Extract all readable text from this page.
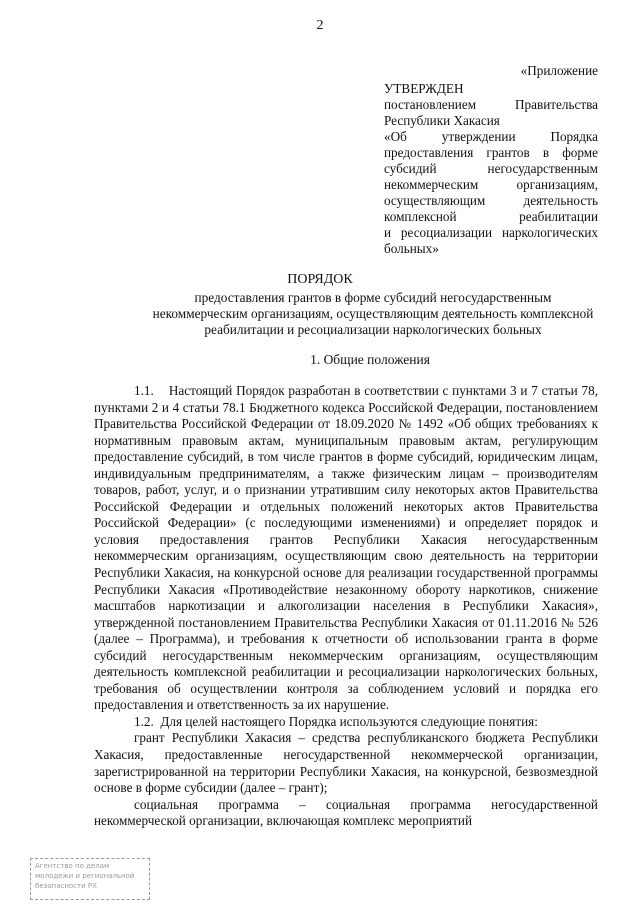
2
«Приложение
УТВЕРЖДЕН
постановлением Правительства
Республики Хакасия
«Об утверждении Порядка
предоставления грантов в форме
субсидий негосударственным
некоммерческим организациям,
осуществляющим деятельность
комплексной реабилитации
и ресоциализации наркологических
больных»
ПОРЯДОК
предоставления грантов в форме субсидий негосударственным некоммерческим организациям, осуществляющим деятельность комплексной реабилитации и ресоциализации наркологических больных
1. Общие положения

1.1.    Настоящий Порядок разработан в соответствии с пунктами 3 и 7 статьи 78, пунктами 2 и 4 статьи 78.1 Бюджетного кодекса Российской Федерации, постановлением Правительства Российской Федерации от 18.09.2020 № 1492 «Об общих требованиях к нормативным правовым актам, муниципальным правовым актам, регулирующим предоставление субсидий, в том числе грантов в форме субсидий, юридическим лицам, индивидуальным предпринимателям, а также физическим лицам – производителям товаров, работ, услуг, и о признании утратившим силу некоторых актов Правительства Российской Федерации и отдельных положений некоторых актов Правительства Российской Федерации» (с последующими изменениями) и определяет порядок и условия предоставления грантов Республики Хакасия негосударственным некоммерческим организациям, осуществляющим свою деятельность на территории Республики Хакасия, на конкурсной основе для реализации государственной программы Республики Хакасия «Противодействие незаконному обороту наркотиков, снижение масштабов наркотизации и алкоголизации населения в Республики Хакасия», утвержденной постановлением Правительства Республики Хакасия от 01.11.2016 № 526 (далее – Программа), и требования к отчетности об использовании гранта в форме субсидий негосударственным некоммерческим организациям, осуществляющим деятельность комплексной реабилитации и ресоциализации наркологических больных, требования об осуществлении контроля за соблюдением условий и порядка его предоставления и ответственность за их нарушение.

1.2.  Для целей настоящего Порядка используются следующие понятия:

грант Республики Хакасия – средства республиканского бюджета Республики Хакасия, предоставленные негосударственной некоммерческой организации, зарегистрированной на территории Республики Хакасия, на конкурсной, безвозмездной основе в форме субсидии (далее – грант);

социальная программа – социальная программа негосударственной некоммерческой организации, включающая комплекс мероприятий

Агентство по делам
молодежи и региональной
безопасности РХ
